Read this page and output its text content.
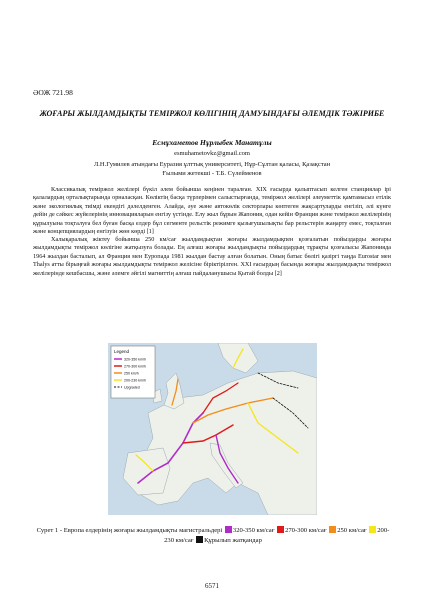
ӘОЖ 721.98
ЖОҒАРЫ ЖЫЛДАМДЫҚТЫ ТЕМІРЖОЛ КӨЛІГІНІҢ ДАМУЫНДАҒЫ ӘЛЕМДІК ТӘЖІРИБЕ
Есмұхаметов Нұрлыбек Манатұлы
esmuhametovkz@gmail.com
Л.Н.Гумилев атындағы Еуразия ұлттық университеті, Нұр-Сұлтан қаласы, Қазақстан
Ғылыми жетекші - Т.Б. Сүлейменов
Классикалық теміржол желілері бүкіл әлем бойынша кеңінен таралған. XIX ғасырда қалыптасып келген станциялар ірі қалалардың орталықтарында орналасқан. Көліктің басқа түрлерімен салыстырғанда, теміржол желілері әлеуметтік қамтамасыз етілік және экологиялық тиімді екендігі дәлелденген. Алайда, әуе және автокөлік секторлары көптеген жақсартуларды енгізіп, әлі күнге дейін де сәйкес жүйелерінің инновацияларын енгізу үстінде. Елу жыл бұрын Жапония, одан кейін Франция және теміржол желілерінің құрылуына тоқталуға бел буған басқа елдер бұл сегменте рельстік режимге қызығушылықты бар рельстерін жаңарту емес, тоқталған және концепциялардың енгізуін жөн көрді [1]
Халықаралық жіктеу бойынша 250 км/сағ жылдамдықтан жоғары жылдамдықпен қозғалатын пойыздарды жоғары жылдамдықты теміржол көлігіне жатқызуға болады. Ең алғаш жоғары жылдамдықты пойыздардың тұрақты қозғалысы Жапонияда 1964 жылдан басталып, ал Франция мен Еуропада 1981 жылдан бастау алған болатын. Оның батыс бөлігі қазіргі таңда Eurostar мен Thalys атты бірыңғай жоғары жылдамдықты теміржол желісіне біріктірілген. XXI ғасырдың басында жоғары жылдамдықты теміржол желілерінде кешбасшы, және әлемге әйгілі магниттің алғаш пайдаланушысы Қытай болды [2]
Legend
320-350 km/h
270-300 km/h
250 km/h
200-230 km/h
Upgraded
Сурет 1 - Европа елдерінің жоғары жылдамдықты магистральдері 320-350 км/сағ 270-300 км/сағ 250 км/сағ 200-230 км/сағ Құрылып жатқандар
6571
